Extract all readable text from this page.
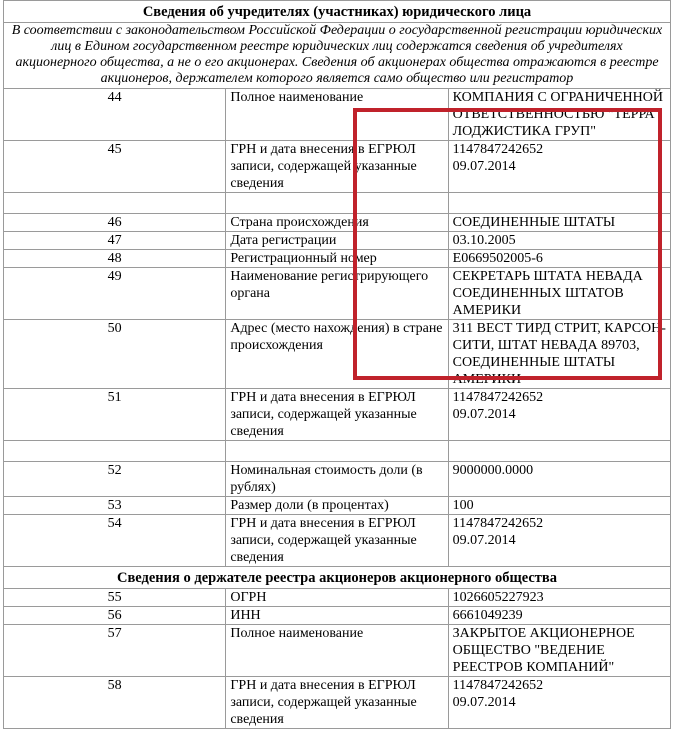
Сведения об учредителях (участниках) юридического лица		
В соответствии с законодательством Российской Федерации о государственной регистрации юридических лиц в Едином государственном реестре юридических лиц содержатся сведения об учредителях акционерного общества, а не о его акционерах. Сведения об акционерах общества отражаются в реестре акционеров, держателем которого является само общество или регистратор		
44	Полное наименование	КОМПАНИЯ С ОГРАНИЧЕННОЙ ОТВЕТСТВЕННОСТЬЮ "ТЕРРА ЛОДЖИСТИКА ГРУП"
45	ГРН и дата внесения в ЕГРЮЛ записи, содержащей указанные сведения	1147847242652
09.07.2014

46	Страна происхождения	СОЕДИНЕННЫЕ ШТАТЫ
47	Дата регистрации	03.10.2005
48	Регистрационный номер	E0669502005-6
49	Наименование регистрирующего органа	СЕКРЕТАРЬ ШТАТА НЕВАДА СОЕДИНЕННЫХ ШТАТОВ АМЕРИКИ
50	Адрес (место нахождения) в стране происхождения	311 ВЕСТ ТИРД СТРИТ, КАРСОН-СИТИ, ШТАТ НЕВАДА 89703, СОЕДИНЕННЫЕ ШТАТЫ АМЕРИКИ
51	ГРН и дата внесения в ЕГРЮЛ записи, содержащей указанные сведения	1147847242652
09.07.2014

52	Номинальная стоимость доли (в рублях)	9000000.0000
53	Размер доли (в процентах)	100
54	ГРН и дата внесения в ЕГРЮЛ записи, содержащей указанные сведения	1147847242652
09.07.2014
Сведения о держателе реестра акционеров акционерного общества		
55	ОГРН	1026605227923
56	ИНН	6661049239
57	Полное наименование	ЗАКРЫТОЕ АКЦИОНЕРНОЕ ОБЩЕСТВО "ВЕДЕНИЕ РЕЕСТРОВ КОМПАНИЙ"
58	ГРН и дата внесения в ЕГРЮЛ записи, содержащей указанные сведения	1147847242652
09.07.2014
